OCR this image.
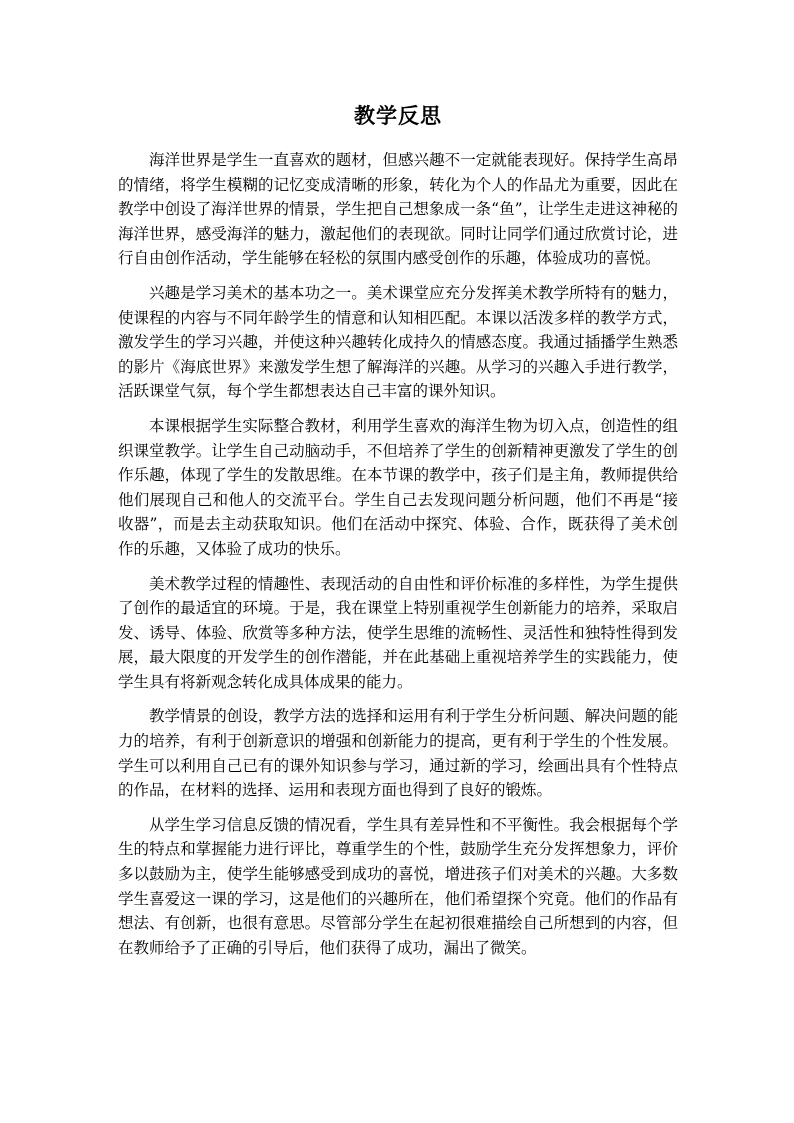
教学反思

海洋世界是学生一直喜欢的题材，但感兴趣不一定就能表现好。保持学生高昂的情绪，将学生模糊的记忆变成清晰的形象，转化为个人的作品尤为重要，因此在教学中创设了海洋世界的情景，学生把自己想象成一条“鱼”，让学生走进这神秘的海洋世界，感受海洋的魅力，激起他们的表现欲。同时让同学们通过欣赏讨论，进行自由创作活动，学生能够在轻松的氛围内感受创作的乐趣，体验成功的喜悦。

兴趣是学习美术的基本功之一。美术课堂应充分发挥美术教学所特有的魅力，使课程的内容与不同年龄学生的情意和认知相匹配。本课以活泼多样的教学方式，激发学生的学习兴趣，并使这种兴趣转化成持久的情感态度。我通过插播学生熟悉的影片《海底世界》来激发学生想了解海洋的兴趣。从学习的兴趣入手进行教学，活跃课堂气氛，每个学生都想表达自己丰富的课外知识。

本课根据学生实际整合教材，利用学生喜欢的海洋生物为切入点，创造性的组织课堂教学。让学生自己动脑动手，不但培养了学生的创新精神更激发了学生的创作乐趣，体现了学生的发散思维。在本节课的教学中，孩子们是主角，教师提供给他们展现自己和他人的交流平台。学生自己去发现问题分析问题，他们不再是“接收器”，而是去主动获取知识。他们在活动中探究、体验、合作，既获得了美术创作的乐趣，又体验了成功的快乐。

美术教学过程的情趣性、表现活动的自由性和评价标准的多样性，为学生提供了创作的最适宜的环境。于是，我在课堂上特别重视学生创新能力的培养，采取启发、诱导、体验、欣赏等多种方法，使学生思维的流畅性、灵活性和独特性得到发展，最大限度的开发学生的创作潜能，并在此基础上重视培养学生的实践能力，使学生具有将新观念转化成具体成果的能力。

教学情景的创设，教学方法的选择和运用有利于学生分析问题、解决问题的能力的培养，有利于创新意识的增强和创新能力的提高，更有利于学生的个性发展。学生可以利用自己已有的课外知识参与学习，通过新的学习，绘画出具有个性特点的作品，在材料的选择、运用和表现方面也得到了良好的锻炼。

从学生学习信息反馈的情况看，学生具有差异性和不平衡性。我会根据每个学生的特点和掌握能力进行评比，尊重学生的个性，鼓励学生充分发挥想象力，评价多以鼓励为主，使学生能够感受到成功的喜悦，增进孩子们对美术的兴趣。大多数学生喜爱这一课的学习，这是他们的兴趣所在，他们希望探个究竟。他们的作品有想法、有创新，也很有意思。尽管部分学生在起初很难描绘自己所想到的内容，但在教师给予了正确的引导后，他们获得了成功，漏出了微笑。
